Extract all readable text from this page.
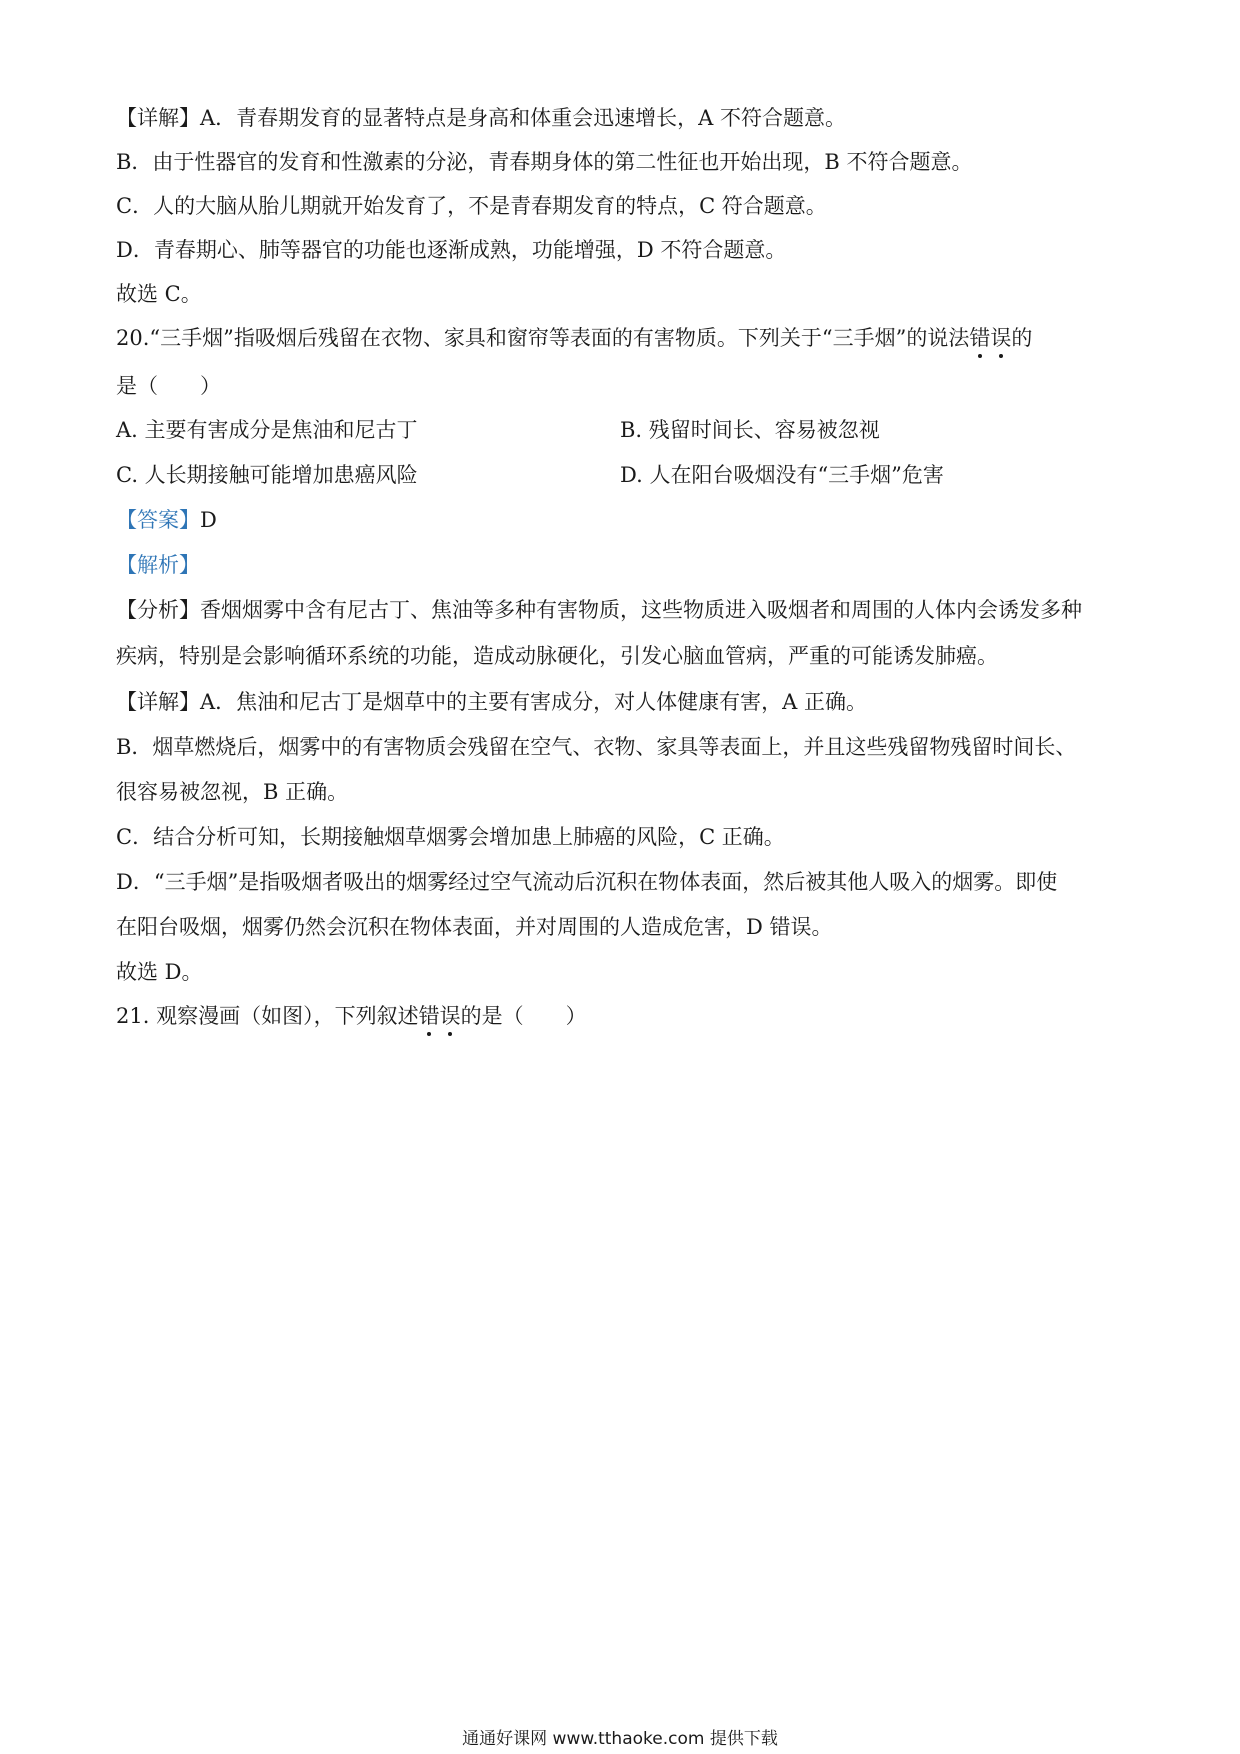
【详解】A．青春期发育的显著特点是身高和体重会迅速增长，A 不符合题意。
B．由于性器官的发育和性激素的分泌，青春期身体的第二性征也开始出现，B 不符合题意。
C．人的大脑从胎儿期就开始发育了，不是青春期发育的特点，C 符合题意。
D．青春期心、肺等器官的功能也逐渐成熟，功能增强，D 不符合题意。
故选 C。
20.“三手烟”指吸烟后残留在衣物、家具和窗帘等表面的有害物质。下列关于“三手烟”的说法错误的
是（　　）
A. 主要有害成分是焦油和尼古丁	B. 残留时间长、容易被忽视
C. 人长期接触可能增加患癌风险	D. 人在阳台吸烟没有“三手烟”危害
【答案】D
【解析】
【分析】香烟烟雾中含有尼古丁、焦油等多种有害物质，这些物质进入吸烟者和周围的人体内会诱发多种
疾病，特别是会影响循环系统的功能，造成动脉硬化，引发心脑血管病，严重的可能诱发肺癌。
【详解】A．焦油和尼古丁是烟草中的主要有害成分，对人体健康有害，A 正确。
B．烟草燃烧后，烟雾中的有害物质会残留在空气、衣物、家具等表面上，并且这些残留物残留时间长、
很容易被忽视，B 正确。
C．结合分析可知，长期接触烟草烟雾会增加患上肺癌的风险，C 正确。
D．“三手烟”是指吸烟者吸出的烟雾经过空气流动后沉积在物体表面，然后被其他人吸入的烟雾。即使
在阳台吸烟，烟雾仍然会沉积在物体表面，并对周围的人造成危害，D 错误。
故选 D。
21. 观察漫画（如图），下列叙述错误的是（　　）
通通好课网 www.tthaoke.com 提供下载
